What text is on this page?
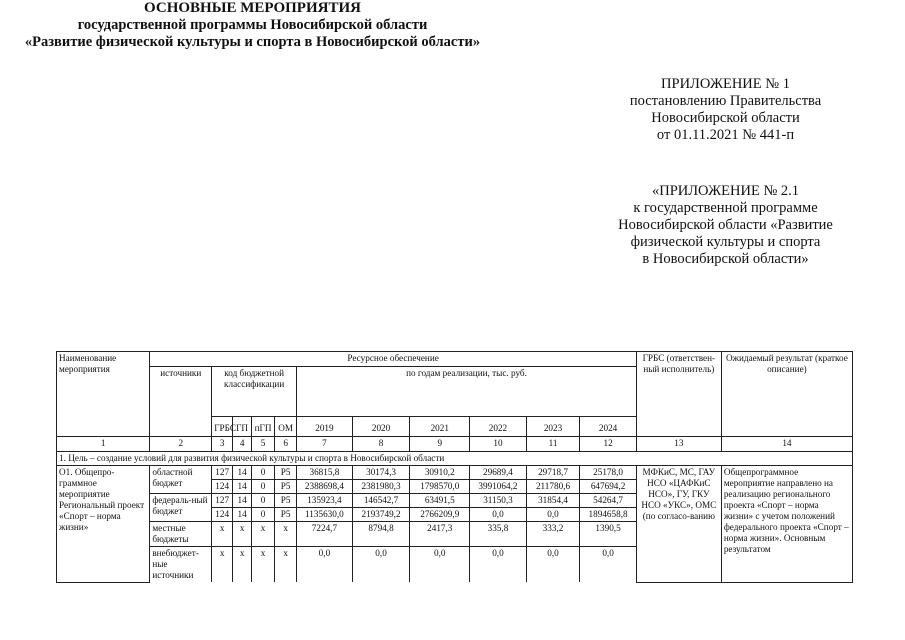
ПРИЛОЖЕНИЕ № 1
постановлению Правительства
Новосибирской области
от 01.11.2021 № 441-п
«ПРИЛОЖЕНИЕ № 2.1
к государственной программе
Новосибирской области «Развитие
физической культуры и спорта
в Новосибирской области»
ОСНОВНЫЕ МЕРОПРИЯТИЯ
государственной программы Новосибирской области
«Развитие физической культуры и спорта в Новосибирской области»
Наименование мероприятия	Ресурсное обеспечение											ГРБС (ответствен-ный исполнитель)	Ожидаемый результат (краткое описание)
	источники	код бюджетной классификации				по годам реализации, тыс. руб.							
		ГРБС	ГП	пГП	ОМ	2019	2020	2021	2022	2023	2024		
1	2	3	4	5	6	7	8	9	10	11	12	13	14
1. Цель – создание условий для развития физической культуры и спорта в Новосибирской области													
О1. Общепро-граммное мероприятие Региональный проект «Спорт – норма жизни»	областной бюджет	127	14	0	P5	36815,8	30174,3	30910,2	29689,4	29718,7	25178,0	МФКиС, МС, ГАУ НСО «ЦАФКиС НСО», ГУ, ГКУ НСО «УКС», ОМС (по согласо-ванию	Общепрограммное мероприятие направлено на реализацию регионального проекта «Спорт – норма жизни» с учетом положений федерального проекта «Спорт – норма жизни». Основным результатом
		124	14	0	P5	2388698,4	2381980,3	1798570,0	3991064,2	211780,6	647694,2		
	федераль-ный бюджет	127	14	0	P5	135923,4	146542,7	63491,5	31150,3	31854,4	54264,7		
		124	14	0	P5	1135630,0	2193749,2	2766209,9	0,0	0,0	1894658,8		
	местные бюджеты	x	x	x	x	7224,7	8794,8	2417,3	335,8	333,2	1390,5		
	внебюджет-ные источники	x	x	x	x	0,0	0,0	0,0	0,0	0,0	0,0		
